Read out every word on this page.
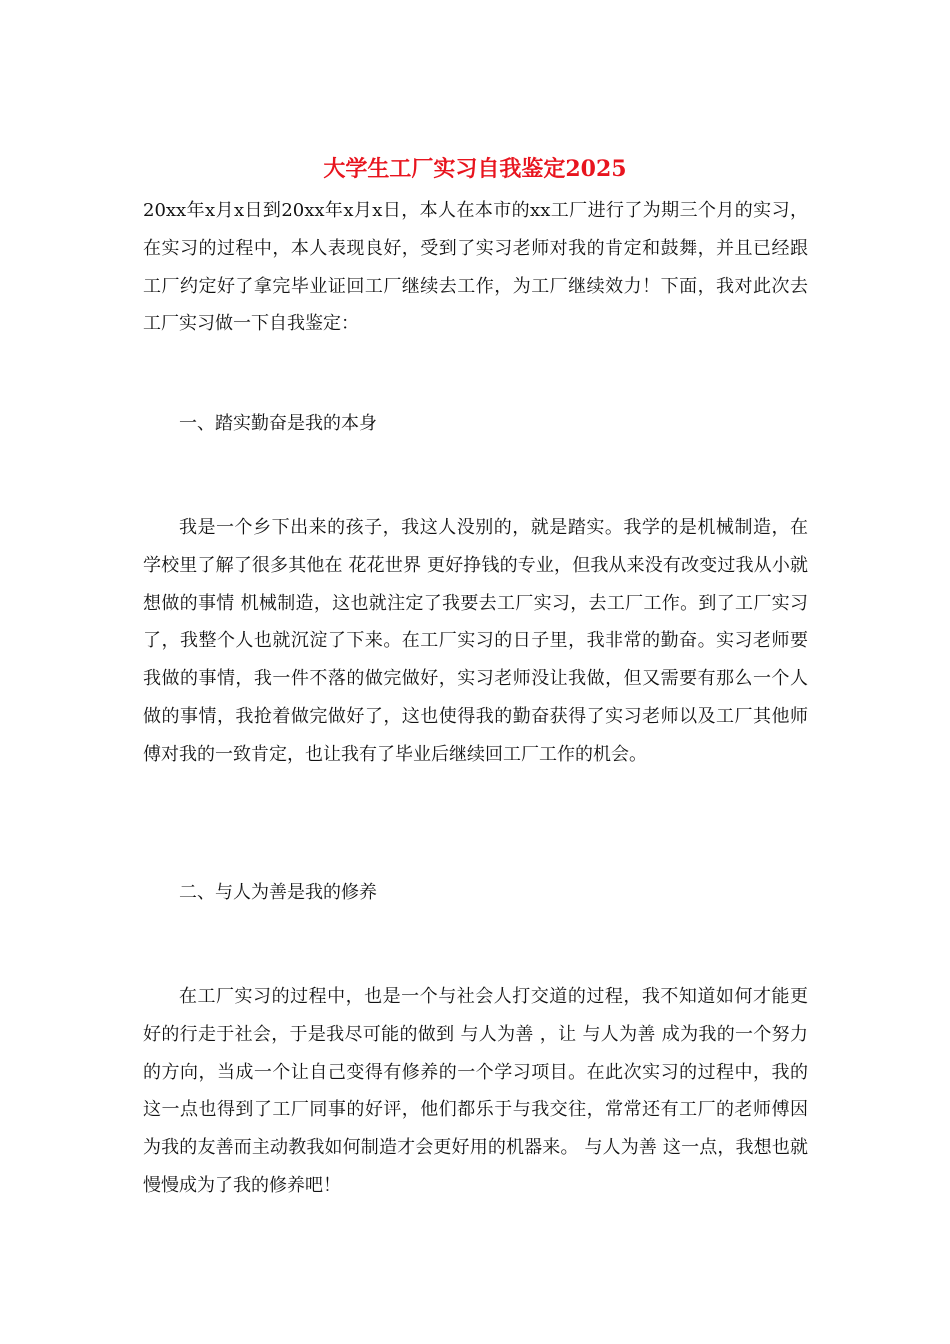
大学生工厂实习自我鉴定2025

20xx年x月x日到20xx年x月x日，本人在本市的xx工厂进行了为期三个月的实习，在实习的过程中，本人表现良好，受到了实习老师对我的肯定和鼓舞，并且已经跟工厂约定好了拿完毕业证回工厂继续去工作，为工厂继续效力！下面，我对此次去工厂实习做一下自我鉴定：

一、踏实勤奋是我的本身

我是一个乡下出来的孩子，我这人没别的，就是踏实。我学的是机械制造，在学校里了解了很多其他在 花花世界 更好挣钱的专业，但我从来没有改变过我从小就想做的事情 机械制造，这也就注定了我要去工厂实习，去工厂工作。到了工厂实习了，我整个人也就沉淀了下来。在工厂实习的日子里，我非常的勤奋。实习老师要我做的事情，我一件不落的做完做好，实习老师没让我做，但又需要有那么一个人做的事情，我抢着做完做好了，这也使得我的勤奋获得了实习老师以及工厂其他师傅对我的一致肯定，也让我有了毕业后继续回工厂工作的机会。

二、与人为善是我的修养

在工厂实习的过程中，也是一个与社会人打交道的过程，我不知道如何才能更好的行走于社会，于是我尽可能的做到 与人为善 ，让 与人为善 成为我的一个努力的方向，当成一个让自己变得有修养的一个学习项目。在此次实习的过程中，我的这一点也得到了工厂同事的好评，他们都乐于与我交往，常常还有工厂的老师傅因为我的友善而主动教我如何制造才会更好用的机器来。 与人为善 这一点，我想也就慢慢成为了我的修养吧！
